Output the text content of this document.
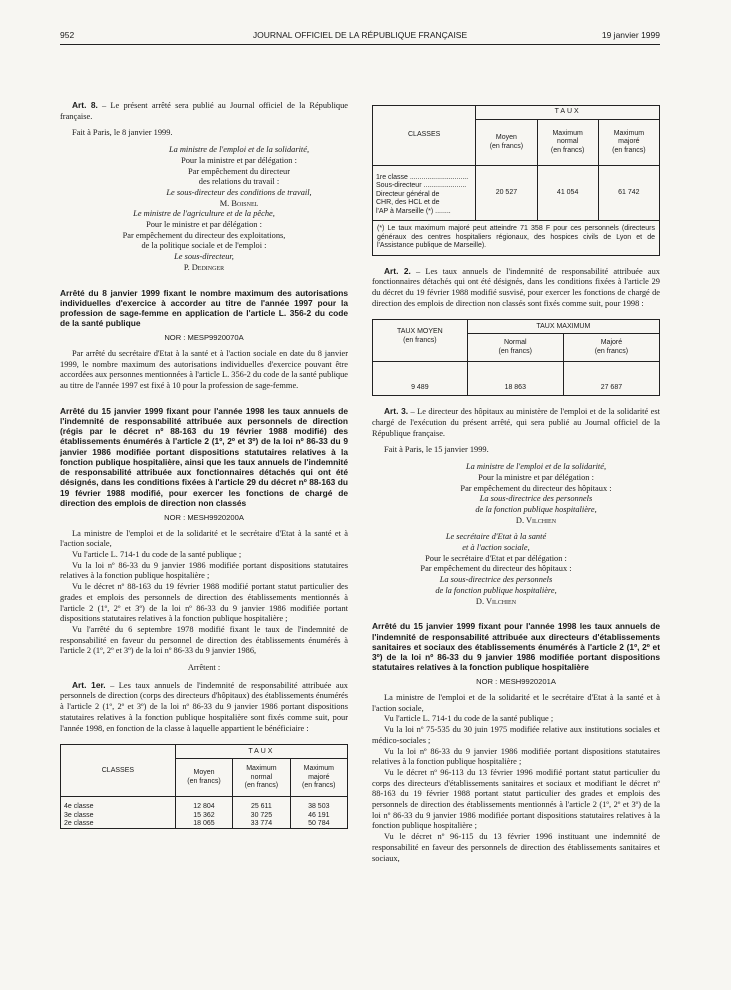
952	JOURNAL OFFICIEL DE LA RÉPUBLIQUE FRANÇAISE	19 janvier 1999

Art. 8. – Le présent arrêté sera publié au Journal officiel de la République française.

Fait à Paris, le 8 janvier 1999.

La ministre de l'emploi et de la solidarité,
Pour la ministre et par délégation :
Par empêchement du directeur
des relations du travail :
Le sous-directeur des conditions de travail,
M. Boisnel
Le ministre de l'agriculture et de la pêche,
Pour le ministre et par délégation :
Par empêchement du directeur des exploitations,
de la politique sociale et de l'emploi :
Le sous-directeur,
P. Dedinger

Arrêté du 8 janvier 1999 fixant le nombre maximum des autorisations individuelles d'exercice à accorder au titre de l'année 1997 pour la profession de sage-femme en application de l'article L. 356-2 du code de la santé publique

NOR : MESP9920070A

Par arrêté du secrétaire d'Etat à la santé et à l'action sociale en date du 8 janvier 1999, le nombre maximum des autorisations individuelles d'exercice pouvant être accordées aux personnes mentionnées à l'article L. 356-2 du code de la santé publique au titre de l'année 1997 est fixé à 10 pour la profession de sage-femme.

Arrêté du 15 janvier 1999 fixant pour l'année 1998 les taux annuels de l'indemnité de responsabilité attribuée aux personnels de direction (régis par le décret nº 88-163 du 19 février 1988 modifié) des établissements énumérés à l'article 2 (1º, 2º et 3º) de la loi nº 86-33 du 9 janvier 1986 modifiée portant dispositions statutaires relatives à la fonction publique hospitalière, ainsi que les taux annuels de l'indemnité de responsabilité attribuée aux fonctionnaires détachés qui ont été désignés, dans les conditions fixées à l'article 29 du décret nº 88-163 du 19 février 1988 modifié, pour exercer les fonctions de chargé de direction des emplois de direction non classés

NOR : MESH9920200A

La ministre de l'emploi et de la solidarité et le secrétaire d'Etat à la santé et à l'action sociale,

Vu l'article L. 714-1 du code de la santé publique ;

Vu la loi nº 86-33 du 9 janvier 1986 modifiée portant dispositions statutaires relatives à la fonction publique hospitalière ;

Vu le décret nº 88-163 du 19 février 1988 modifié portant statut particulier des grades et emplois des personnels de direction des établissements mentionnés à l'article 2 (1º, 2º et 3º) de la loi nº 86-33 du 9 janvier 1986 modifiée portant dispositions statutaires relatives à la fonction publique hospitalière ;

Vu l'arrêté du 6 septembre 1978 modifié fixant le taux de l'indemnité de responsabilité en faveur du personnel de direction des établissements énumérés à l'article 2 (1º, 2º et 3º) de la loi nº 86-33 du 9 janvier 1986,

Arrêtent :

Art. 1er. – Les taux annuels de l'indemnité de responsabilité attribuée aux personnels de direction (corps des directeurs d'hôpitaux) des établissements énumérés à l'article 2 (1º, 2º et 3º) de la loi nº 86-33 du 9 janvier 1986 portant dispositions statutaires relatives à la fonction publique hospitalière sont fixés comme suit, pour l'année 1998, en fonction de la classe à laquelle appartient le bénéficiaire :

CLASSES	TAUX		
	Moyen
(en francs)	Maximum
normal
(en francs)	Maximum
majoré
(en francs)
4e classe	12 804	25 611	38 503
3e classe	15 362	30 725	46 191
2e classe	18 065	33 774	50 784
CLASSES	TAUX		
	Moyen
(en francs)	Maximum
normal
(en francs)	Maximum
majoré
(en francs)
1re classe ..............................
Sous-directeur ......................
Directeur général de
CHR, des HCL et de
l'AP à Marseille (*) ........	20 527	41 054	61 742
(*) Le taux maximum majoré peut atteindre 71 358 F pour ces personnels (directeurs généraux des centres hospitaliers régionaux, des hospices civils de Lyon et de l'Assistance publique de Marseille).

Art. 2. – Les taux annuels de l'indemnité de responsabilité attribuée aux fonctionnaires détachés qui ont été désignés, dans les conditions fixées à l'article 29 du décret du 19 février 1988 modifié susvisé, pour exercer les fonctions de chargé de direction des emplois de direction non classés sont fixés comme suit, pour 1998 :

TAUX MOYEN
(en francs)	TAUX MAXIMUM	
	Normal
(en francs)	Majoré
(en francs)
9 489	18 863	27 687

Art. 3. – Le directeur des hôpitaux au ministère de l'emploi et de la solidarité est chargé de l'exécution du présent arrêté, qui sera publié au Journal officiel de la République française.

Fait à Paris, le 15 janvier 1999.

La ministre de l'emploi et de la solidarité,
Pour la ministre et par délégation :
Par empêchement du directeur des hôpitaux :
La sous-directrice des personnels
de la fonction publique hospitalière,
D. Vilchien
Le secrétaire d'Etat à la santé
et à l'action sociale,
Pour le secrétaire d'Etat et par délégation :
Par empêchement du directeur des hôpitaux :
La sous-directrice des personnels
de la fonction publique hospitalière,
D. Vilchien

Arrêté du 15 janvier 1999 fixant pour l'année 1998 les taux annuels de l'indemnité de responsabilité attribuée aux directeurs d'établissements sanitaires et sociaux des établissements énumérés à l'article 2 (1º, 2º et 3º) de la loi nº 86-33 du 9 janvier 1986 modifiée portant dispositions statutaires relatives à la fonction publique hospitalière

NOR : MESH9920201A

La ministre de l'emploi et de la solidarité et le secrétaire d'Etat à la santé et à l'action sociale,

Vu l'article L. 714-1 du code de la santé publique ;

Vu la loi nº 75-535 du 30 juin 1975 modifiée relative aux institutions sociales et médico-sociales ;

Vu la loi nº 86-33 du 9 janvier 1986 modifiée portant dispositions statutaires relatives à la fonction publique hospitalière ;

Vu le décret nº 96-113 du 13 février 1996 modifié portant statut particulier du corps des directeurs d'établissements sanitaires et sociaux et modifiant le décret nº 88-163 du 19 février 1988 portant statut particulier des grades et emplois des personnels de direction des établissements mentionnés à l'article 2 (1º, 2º et 3º) de la loi nº 86-33 du 9 janvier 1986 modifiée portant dispositions statutaires relatives à la fonction publique hospitalière ;

Vu le décret nº 96-115 du 13 février 1996 instituant une indemnité de responsabilité en faveur des personnels de direction des établissements sanitaires et sociaux,
